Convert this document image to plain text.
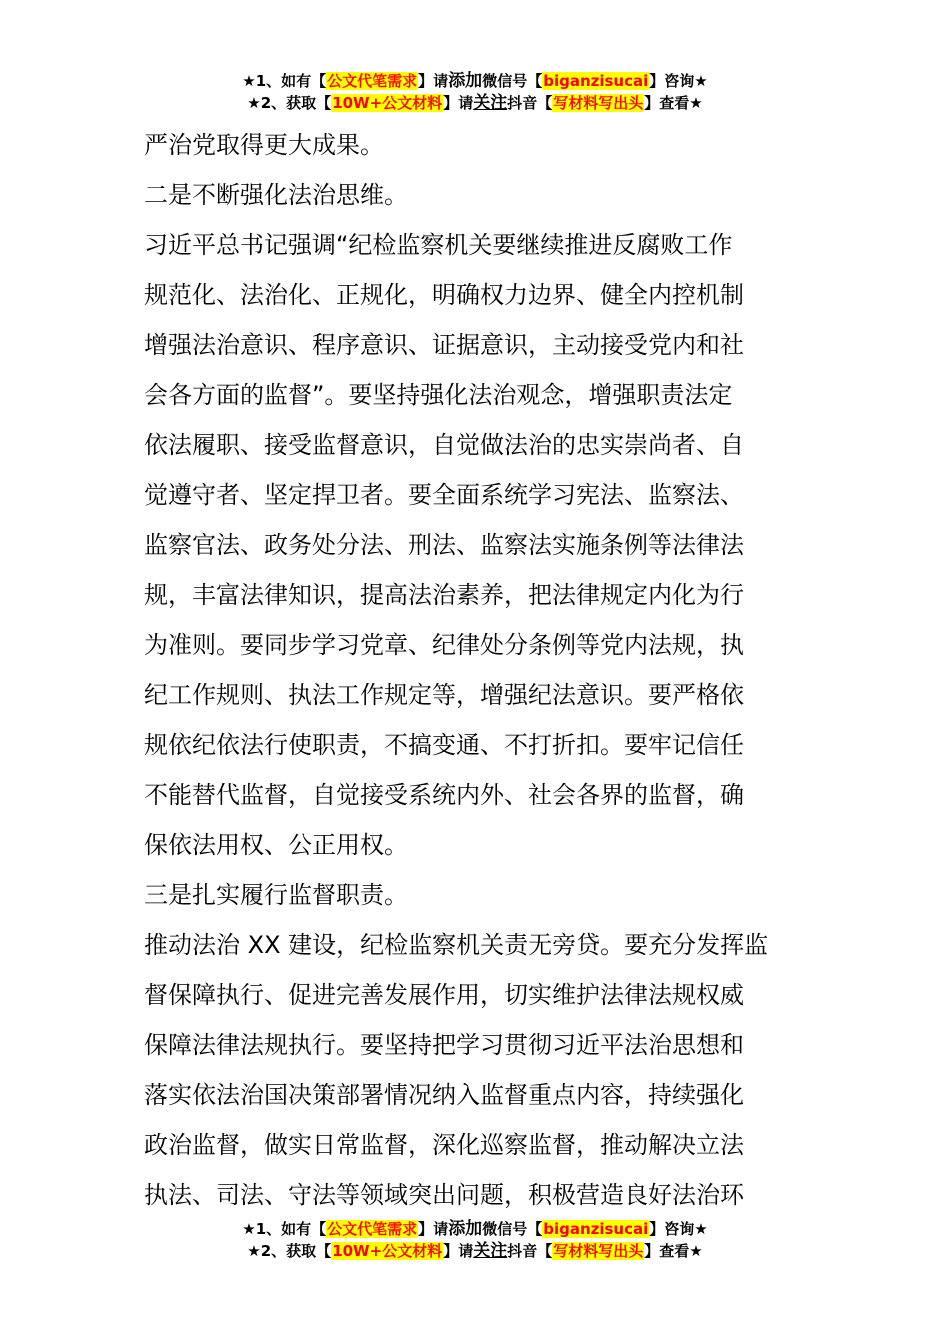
★1、如有【公文代笔需求】请添加微信号【biganzisucai】咨询★
★2、获取【10W+公文材料】请关注抖音【写材料写出头】查看★
严治党取得更大成果。
二是不断强化法治思维。
习近平总书记强调“纪检监察机关要继续推进反腐败工作
规范化、法治化、正规化，明确权力边界、健全内控机制
增强法治意识、程序意识、证据意识，主动接受党内和社
会各方面的监督”。要坚持强化法治观念，增强职责法定
依法履职、接受监督意识，自觉做法治的忠实崇尚者、自
觉遵守者、坚定捍卫者。要全面系统学习宪法、监察法、
监察官法、政务处分法、刑法、监察法实施条例等法律法
规，丰富法律知识，提高法治素养，把法律规定内化为行
为准则。要同步学习党章、纪律处分条例等党内法规，执
纪工作规则、执法工作规定等，增强纪法意识。要严格依
规依纪依法行使职责，不搞变通、不打折扣。要牢记信任
不能替代监督，自觉接受系统内外、社会各界的监督，确
保依法用权、公正用权。
三是扎实履行监督职责。
推动法治 XX 建设，纪检监察机关责无旁贷。要充分发挥监
督保障执行、促进完善发展作用，切实维护法律法规权威
保障法律法规执行。要坚持把学习贯彻习近平法治思想和
落实依法治国决策部署情况纳入监督重点内容，持续强化
政治监督，做实日常监督，深化巡察监督，推动解决立法
执法、司法、守法等领域突出问题，积极营造良好法治环
★1、如有【公文代笔需求】请添加微信号【biganzisucai】咨询★
★2、获取【10W+公文材料】请关注抖音【写材料写出头】查看★
